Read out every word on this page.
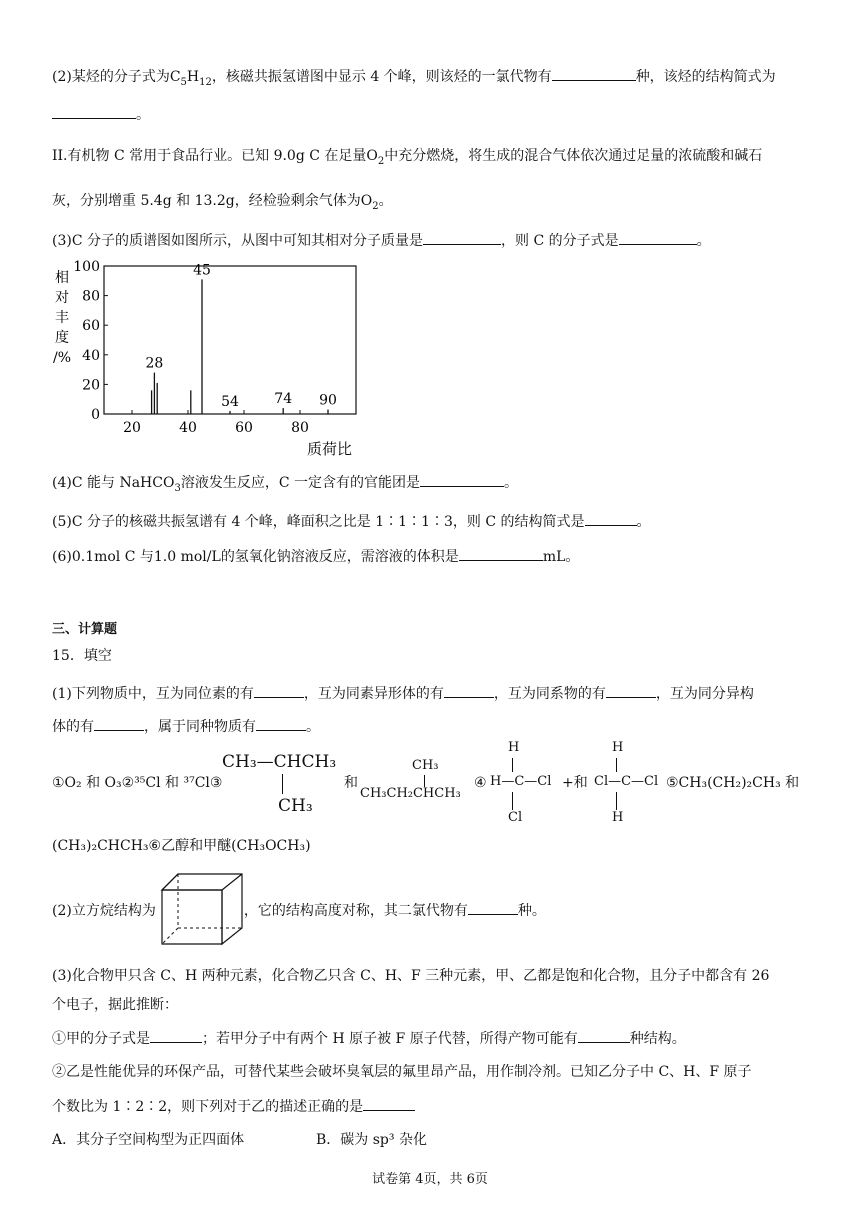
(2)某烃的分子式为$C_5H_{12}$，核磁共振氢谱图中显示 4 个峰，则该烃的一氯代物有	种，该烃的结构简式为
。
II.有机物 C 常用于食品行业。已知 9.0g C 在足量$O_2$中充分燃烧，将生成的混合气体依次通过足量的浓硫酸和碱石
灰，分别增重 5.4g 和 13.2g，经检验剩余气体为$O_2$。
(3)C 分子的质谱图如图所示，从图中可知其相对分子质量是	，则 C 的分子式是	。
0
20
40
60
80
100
20	40	60	80
28
45
54	74 90
相
对
丰
度
/%
质荷比
(4)C 能与 NaHCO$_3$溶液发生反应，C 一定含有的官能团是	。
(5)C 分子的核磁共振氢谱有 4 个峰，峰面积之比是 1∶1∶1∶3，则 C 的结构简式是	。
(6)0.1mol C 与1.0 mol/L的氢氧化钠溶液反应，需溶液的体积是	mL。
三、计算题
15．填空
(1)下列物质中，互为同位素的有	，互为同素异形体的有	，互为同系物的有	，互为同分异构
体的有	，属于同种物质有	。
①O₂ 和 O₃②³⁵Cl 和 ³⁷Cl③
CH₃—CHCH₃
CH₃
和
CH₃
CH₃CH₂CHCH₃
④
H
H—C—Cl
Cl
+和
H
Cl—C—Cl
H
⑤CH₃(CH₂)₂CH₃ 和
(CH₃)₂CHCH₃⑥乙醇和甲醚(CH₃OCH₃)
(2)立方烷结构为	，它的结构高度对称，其二氯代物有	种。
(3)化合物甲只含 C、H 两种元素，化合物乙只含 C、H、F 三种元素，甲、乙都是饱和化合物，且分子中都含有 26
个电子，据此推断：
①甲的分子式是	；若甲分子中有两个 H 原子被 F 原子代替，所得产物可能有	种结构。
②乙是性能优异的环保产品，可替代某些会破坏臭氧层的氟里昂产品，用作制冷剂。已知乙分子中 C、H、F 原子
个数比为 1∶2∶2，则下列对于乙的描述正确的是
A．其分子空间构型为正四面体	B．碳为 sp³ 杂化
试卷第 4页，共 6页
